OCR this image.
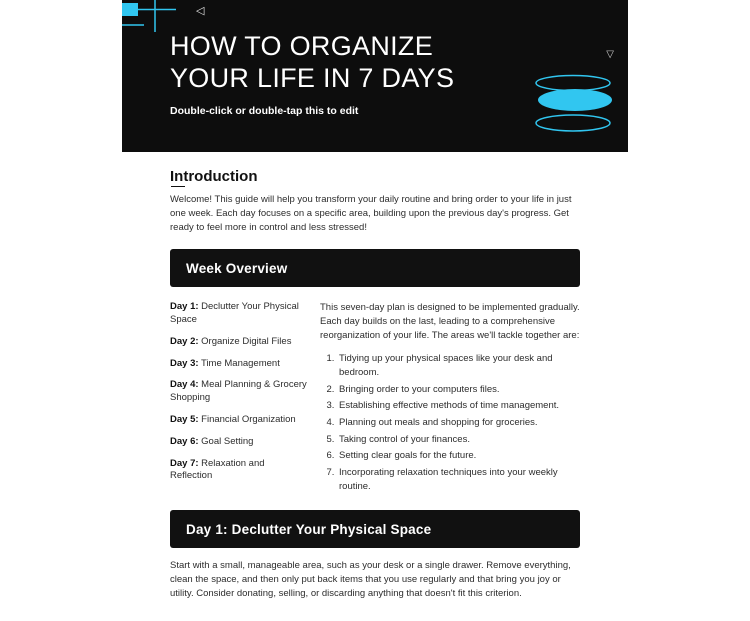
◁
▽
HOW TO ORGANIZE YOUR LIFE IN 7 DAYS

Double-click or double-tap this to edit

Introduction

Welcome! This guide will help you transform your daily routine and bring order to your life in just one week. Each day focuses on a specific area, building upon the previous day's progress. Get ready to feel more in control and less stressed!

Week Overview

Day 1: Declutter Your Physical Space

Day 2: Organize Digital Files

Day 3: Time Management

Day 4: Meal Planning & Grocery Shopping

Day 5: Financial Organization

Day 6: Goal Setting

Day 7: Relaxation and Reflection

This seven-day plan is designed to be implemented gradually. Each day builds on the last, leading to a comprehensive reorganization of your life. The areas we'll tackle together are:

1. Tidying up your physical spaces like your desk and bedroom.
2. Bringing order to your computers files.
3. Establishing effective methods of time management.
4. Planning out meals and shopping for groceries.
5. Taking control of your finances.
6. Setting clear goals for the future.
7. Incorporating relaxation techniques into your weekly routine.
Day 1: Declutter Your Physical Space

Start with a small, manageable area, such as your desk or a single drawer. Remove everything, clean the space, and then only put back items that you use regularly and that bring you joy or utility. Consider donating, selling, or discarding anything that doesn't fit this criterion.
